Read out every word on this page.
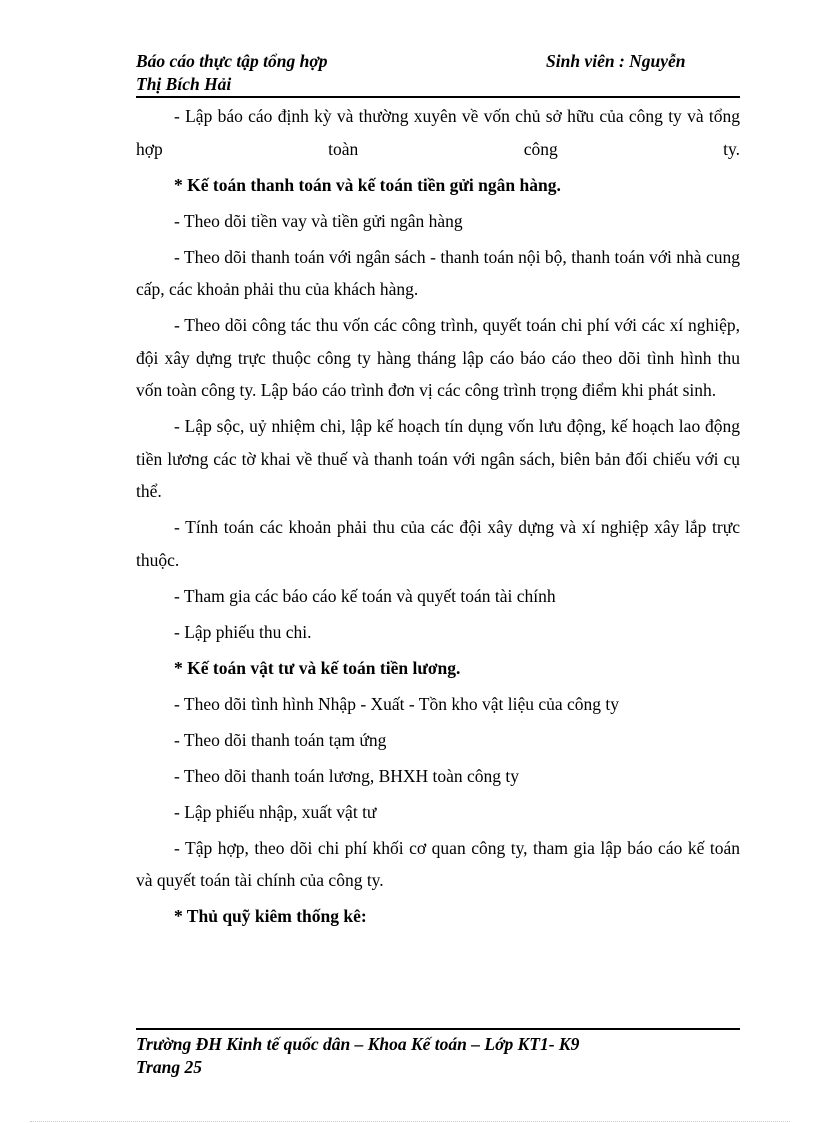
Báo cáo thực tập tổng hợp	Sinh viên : Nguyễn
Thị Bích Hải

- Lập báo cáo định kỳ và thường xuyên về vốn chủ sở hữu của công ty và tổng hợp toàn công ty.

* Kế toán thanh toán và kế toán tiền gửi ngân hàng.

- Theo dõi tiền vay và tiền gửi ngân hàng

- Theo dõi thanh toán với ngân sách - thanh toán nội bộ, thanh toán với nhà cung cấp, các khoản phải thu của khách hàng.

- Theo dõi công tác thu vốn các công trình, quyết toán chi phí với các xí nghiệp, đội xây dựng trực thuộc công ty hàng tháng lập cáo báo cáo theo dõi tình hình thu vốn toàn công ty. Lập báo cáo trình đơn vị các công trình trọng điểm khi phát sinh.

- Lập sộc, uỷ nhiệm chi, lập kế hoạch tín dụng vốn lưu động, kế hoạch lao động tiền lương các tờ khai về thuế và thanh toán với ngân sách, biên bản đối chiếu với cụ thể.

- Tính toán các khoản phải thu của các đội xây dựng và xí nghiệp xây lắp trực thuộc.

- Tham gia các báo cáo kế toán và quyết toán tài chính

- Lập phiếu thu chi.

* Kế toán vật tư và kế toán tiền lương.

- Theo dõi tình hình Nhập - Xuất - Tồn kho vật liệu của công ty

- Theo dõi thanh toán tạm ứng

- Theo dõi thanh toán lương, BHXH toàn công ty

- Lập phiếu nhập, xuất vật tư

- Tập hợp, theo dõi chi phí khối cơ quan công ty, tham gia lập báo cáo kế toán và quyết toán tài chính của công ty.

* Thủ quỹ kiêm thống kê:

Trường ĐH Kinh tế quốc dân – Khoa Kế toán – Lớp KT1- K9
Trang 25
